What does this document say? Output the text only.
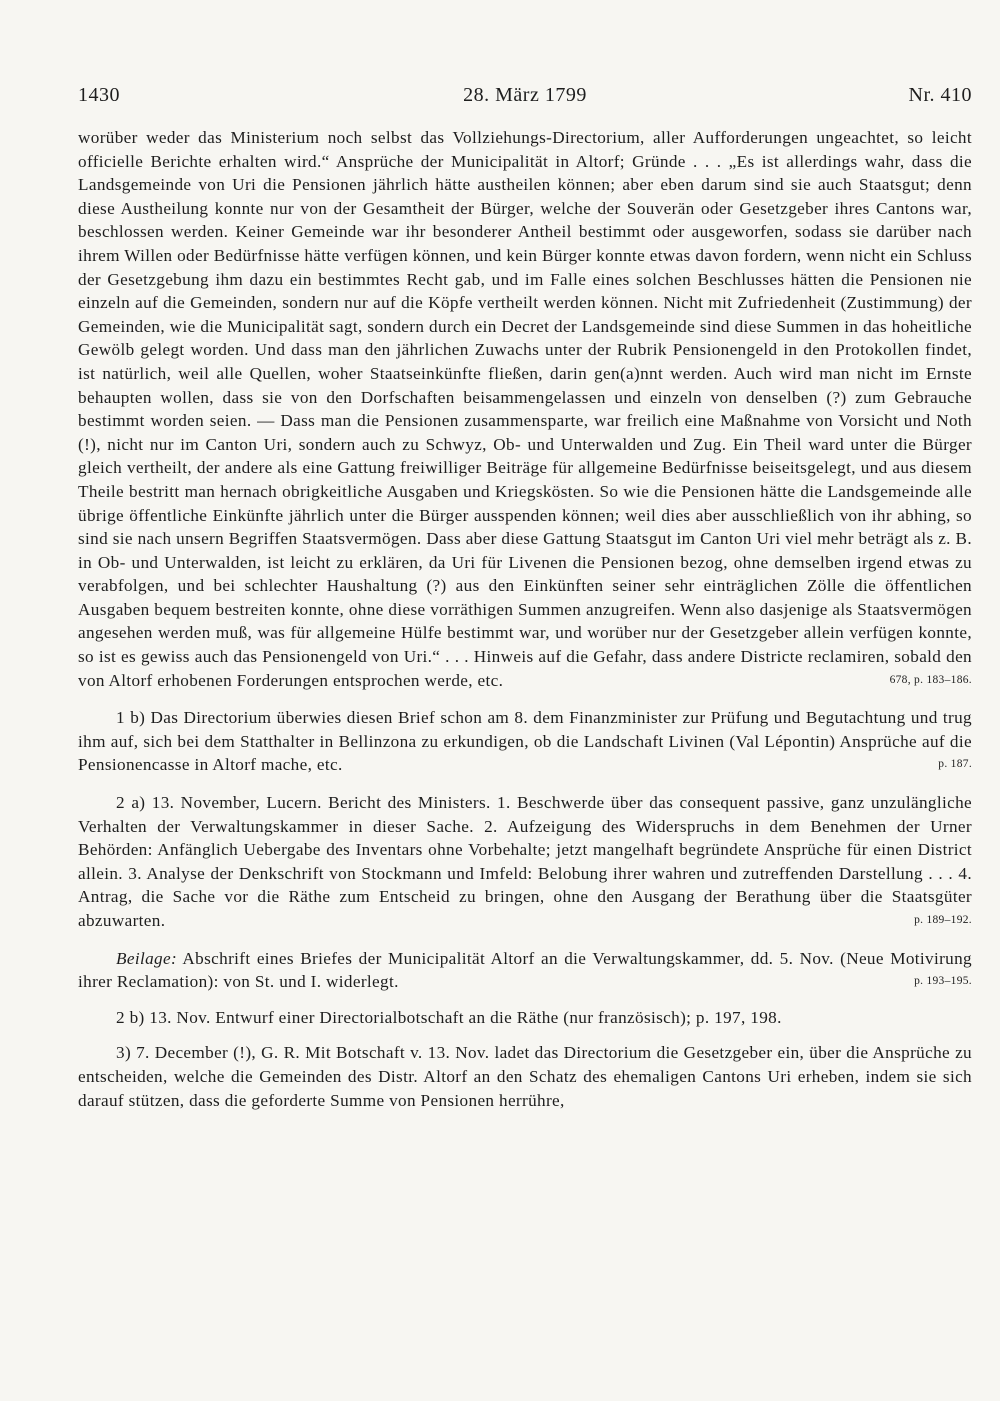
1430	28. März 1799	Nr. 410

worüber weder das Ministerium noch selbst das Vollziehungs-Directorium, aller Aufforderungen ungeachtet, so leicht officielle Berichte erhalten wird.“ Ansprüche der Municipalität in Altorf; Gründe . . . „Es ist allerdings wahr, dass die Landsgemeinde von Uri die Pensionen jährlich hätte austheilen können; aber eben darum sind sie auch Staatsgut; denn diese Austheilung konnte nur von der Gesamtheit der Bürger, welche der Souverän oder Gesetzgeber ihres Cantons war, beschlossen werden. Keiner Gemeinde war ihr besonderer Antheil bestimmt oder ausgeworfen, sodass sie darüber nach ihrem Willen oder Bedürfnisse hätte verfügen können, und kein Bürger konnte etwas davon fordern, wenn nicht ein Schluss der Gesetzgebung ihm dazu ein bestimmtes Recht gab, und im Falle eines solchen Beschlusses hätten die Pensionen nie einzeln auf die Gemeinden, sondern nur auf die Köpfe vertheilt werden können. Nicht mit Zufriedenheit (Zustimmung) der Gemeinden, wie die Municipalität sagt, sondern durch ein Decret der Landsgemeinde sind diese Summen in das hoheitliche Gewölb gelegt worden. Und dass man den jährlichen Zuwachs unter der Rubrik Pensionengeld in den Protokollen findet, ist natürlich, weil alle Quellen, woher Staatseinkünfte fließen, darin gen(a)nnt werden. Auch wird man nicht im Ernste behaupten wollen, dass sie von den Dorfschaften beisammengelassen und einzeln von denselben (?) zum Gebrauche bestimmt worden seien. — Dass man die Pensionen zusammensparte, war freilich eine Maßnahme von Vorsicht und Noth (!), nicht nur im Canton Uri, sondern auch zu Schwyz, Ob- und Unterwalden und Zug. Ein Theil ward unter die Bürger gleich vertheilt, der andere als eine Gattung freiwilliger Beiträge für allgemeine Bedürfnisse beiseitsgelegt, und aus diesem Theile bestritt man hernach obrigkeitliche Ausgaben und Kriegskösten. So wie die Pensionen hätte die Landsgemeinde alle übrige öffentliche Einkünfte jährlich unter die Bürger ausspenden können; weil dies aber ausschließlich von ihr abhing, so sind sie nach unsern Begriffen Staatsvermögen. Dass aber diese Gattung Staatsgut im Canton Uri viel mehr beträgt als z. B. in Ob- und Unterwalden, ist leicht zu erklären, da Uri für Livenen die Pensionen bezog, ohne demselben irgend etwas zu verabfolgen, und bei schlechter Haushaltung (?) aus den Einkünften seiner sehr einträglichen Zölle die öffentlichen Ausgaben bequem bestreiten konnte, ohne diese vorräthigen Summen anzugreifen. Wenn also dasjenige als Staatsvermögen angesehen werden muß, was für allgemeine Hülfe bestimmt war, und worüber nur der Gesetzgeber allein verfügen konnte, so ist es gewiss auch das Pensionengeld von Uri.“ . . . Hinweis auf die Gefahr, dass andere Districte reclamiren, sobald den von Altorf erhobenen Forderungen entsprochen werde, etc.	678, p. 183–186.

1 b) Das Directorium überwies diesen Brief schon am 8. dem Finanzminister zur Prüfung und Begutachtung und trug ihm auf, sich bei dem Statthalter in Bellinzona zu erkundigen, ob die Landschaft Livinen (Val Lépontin) Ansprüche auf die Pensionencasse in Altorf mache, etc.	p. 187.

2 a) 13. November, Lucern. Bericht des Ministers. 1. Beschwerde über das consequent passive, ganz unzulängliche Verhalten der Verwaltungskammer in dieser Sache. 2. Aufzeigung des Widerspruchs in dem Benehmen der Urner Behörden: Anfänglich Uebergabe des Inventars ohne Vorbehalte; jetzt mangelhaft begründete Ansprüche für einen District allein. 3. Analyse der Denkschrift von Stockmann und Imfeld: Belobung ihrer wahren und zutreffenden Darstellung . . . 4. Antrag, die Sache vor die Räthe zum Entscheid zu bringen, ohne den Ausgang der Berathung über die Staatsgüter abzuwarten.	p. 189–192.

Beilage: Abschrift eines Briefes der Municipalität Altorf an die Verwaltungskammer, dd. 5. Nov. (Neue Motivirung ihrer Reclamation): von St. und I. widerlegt.	p. 193–195.

2 b) 13. Nov. Entwurf einer Directorialbotschaft an die Räthe (nur französisch); p. 197, 198.

3) 7. December (!), G. R. Mit Botschaft v. 13. Nov. ladet das Directorium die Gesetzgeber ein, über die Ansprüche zu entscheiden, welche die Gemeinden des Distr. Altorf an den Schatz des ehemaligen Cantons Uri erheben, indem sie sich darauf stützen, dass die geforderte Summe von Pensionen herrühre,
